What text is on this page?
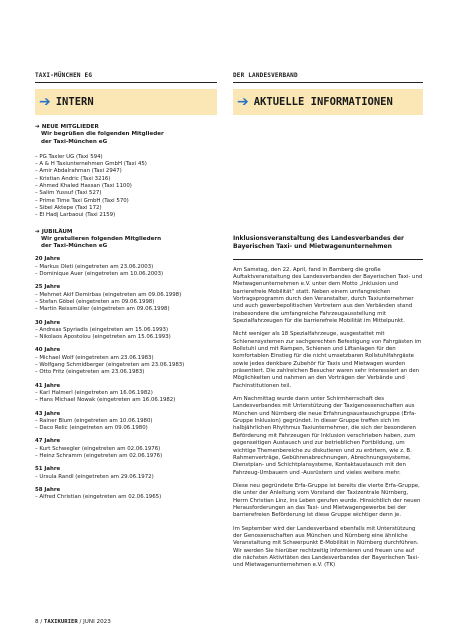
TAXI-MÜNCHEN EG
➔ INTERN
➔ NEUE MITGLIEDER
Wir begrüßen die folgenden Mitglieder
der Taxi-München eG
– PG Taxler UG (Taxi 594)
– A & H Taxiunternehmen GmbH (Taxi 45)
– Amir Abdalrahman (Taxi 2947)
– Kristian Andric (Taxi 3216)
– Ahmed Khaled Hassan (Taxi 1100)
– Salim Yussuf (Taxi 527)
– Prime Time Taxi GmbH (Taxi 570)
– Sibel Aktepe (Taxi 172)
– El Hadj Larbaoui (Taxi 2159)
➔ JUBILÄUM
Wir gratulieren folgenden Mitgliedern
der Taxi-München eG
20 Jahre
– Markus Oleti (eingetreten am 23.06.2003)
– Dominique Auer (eingetreten am 10.06.2003)
25 Jahre
– Mehmet Akif Demirbas (eingetreten am 09.06.1998)
– Stefan Göbel (eingetreten am 09.06.1998)
– Martin Reissmüller (eingetreten am 09.06.1998)
30 Jahre
– Andreas Spyriadis (eingetreten am 15.06.1993)
– Nikolaos Apostolou (eingetreten am 15.06.1993)
40 Jahre
– Michael Wolf (eingetreten am 23.06.1983)
– Wolfgang Schmidberger (eingetreten am 23.06.1983)
– Otto Fritz (eingetreten am 23.06.1983)
41 Jahre
– Karl Halmerl (eingetreten am 16.06.1982)
– Hans Michael Nowak (eingetreten am 16.06.1982)
43 Jahre
– Rainer Blum (eingetreten am 10.06.1980)
– Daco Relic (eingetreten am 09.06.1980)
47 Jahre
– Kurt Schwegler (eingetreten am 02.06.1976)
– Heinz Schramm (eingetreten am 02.06.1976)
51 Jahre
– Ursula Randl (eingetreten am 29.06.1972)
58 Jahre
– Alfred Christian (eingetreten am 02.06.1965)
DER LANDESVERBAND
➔ AKTUELLE INFORMATIONEN
Inklusionsveranstaltung des Landesverbandes der
Bayerischen Taxi- und Mietwagenunternehmen

Am Samstag, den 22. April, fand in Bamberg die große Auftaktveranstaltung des Landesverbandes der Bayerischen Taxi- und Mietwagenunternehmen e.V. unter dem Motto „Inklusion und barrierefreie Mobilität“ statt. Neben einem umfangreichen Vortragsprogramm durch den Veranstalter, durch Taxiunternehmer und auch gewerbepolitischen Vertretern aus den Verbänden stand insbesondere die umfangreiche Fahrzeugausstellung mit Spezialfahrzeugen für die barrierefreie Mobilität im Mittelpunkt.

Nicht weniger als 18 Spezialfahrzeuge, ausgestattet mit Schienensystemen zur sachgerechten Befestigung von Fahrgästen im Rollstuhl und mit Rampen, Schienen und Liftanlagen für den komfortablen Einstieg für die nicht umsetzbaren Rollstuhlfahrgäste sowie jedes denkbare Zubehör für Taxis und Mietwagen wurden präsentiert. Die zahlreichen Besucher waren sehr interessiert an den Möglichkeiten und nahmen an den Vorträgen der Verbände und Fachinstitutionen teil.

Am Nachmittag wurde dann unter Schirmherrschaft des Landesverbandes mit Unterstützung der Taxigenossenschaften aus München und Nürnberg die neue Erfahrungsaustauschgruppe (Erfa-Gruppe Inklusion) gegründet. In dieser Gruppe treffen sich im halbjährlichen Rhythmus Taxiunternehmer, die sich der besonderen Beförderung mit Fahrzeugen für Inklusion verschrieben haben, zum gegenseitigen Austausch und zur betrieblichen Fortbildung, um wichtige Themenbereiche zu diskutieren und zu erörtern, wie z. B. Rahmenverträge, Gebührenabrechnungen, Abrechnungssysteme, Dienstplan- und Schichtplansysteme, Kontaktaustausch mit den Fahrzeug-Umbauern und -Ausrüstern und vieles weitere mehr.

Diese neu gegründete Erfa-Gruppe ist bereits die vierte Erfa-Gruppe, die unter der Anleitung vom Vorstand der Taxizentrale Nürnberg, Herrn Christian Linz, ins Leben gerufen wurde. Hinsichtlich der neuen Herausforderungen an das Taxi- und Mietwagengewerbe bei der barrierefreien Beförderung ist diese Gruppe wichtiger denn je.

Im September wird der Landesverband ebenfalls mit Unterstützung der Genossenschaften aus München und Nürnberg eine ähnliche Veranstaltung mit Schwerpunkt E-Mobilität in Nürnberg durchführen. Wir werden Sie hierüber rechtzeitig informieren und freuen uns auf die nächsten Aktivitäten des Landesverbandes der Bayerischen Taxi- und Mietwagenunternehmen e.V. (TK)

8 / TAXIKURIER / JUNI 2023
